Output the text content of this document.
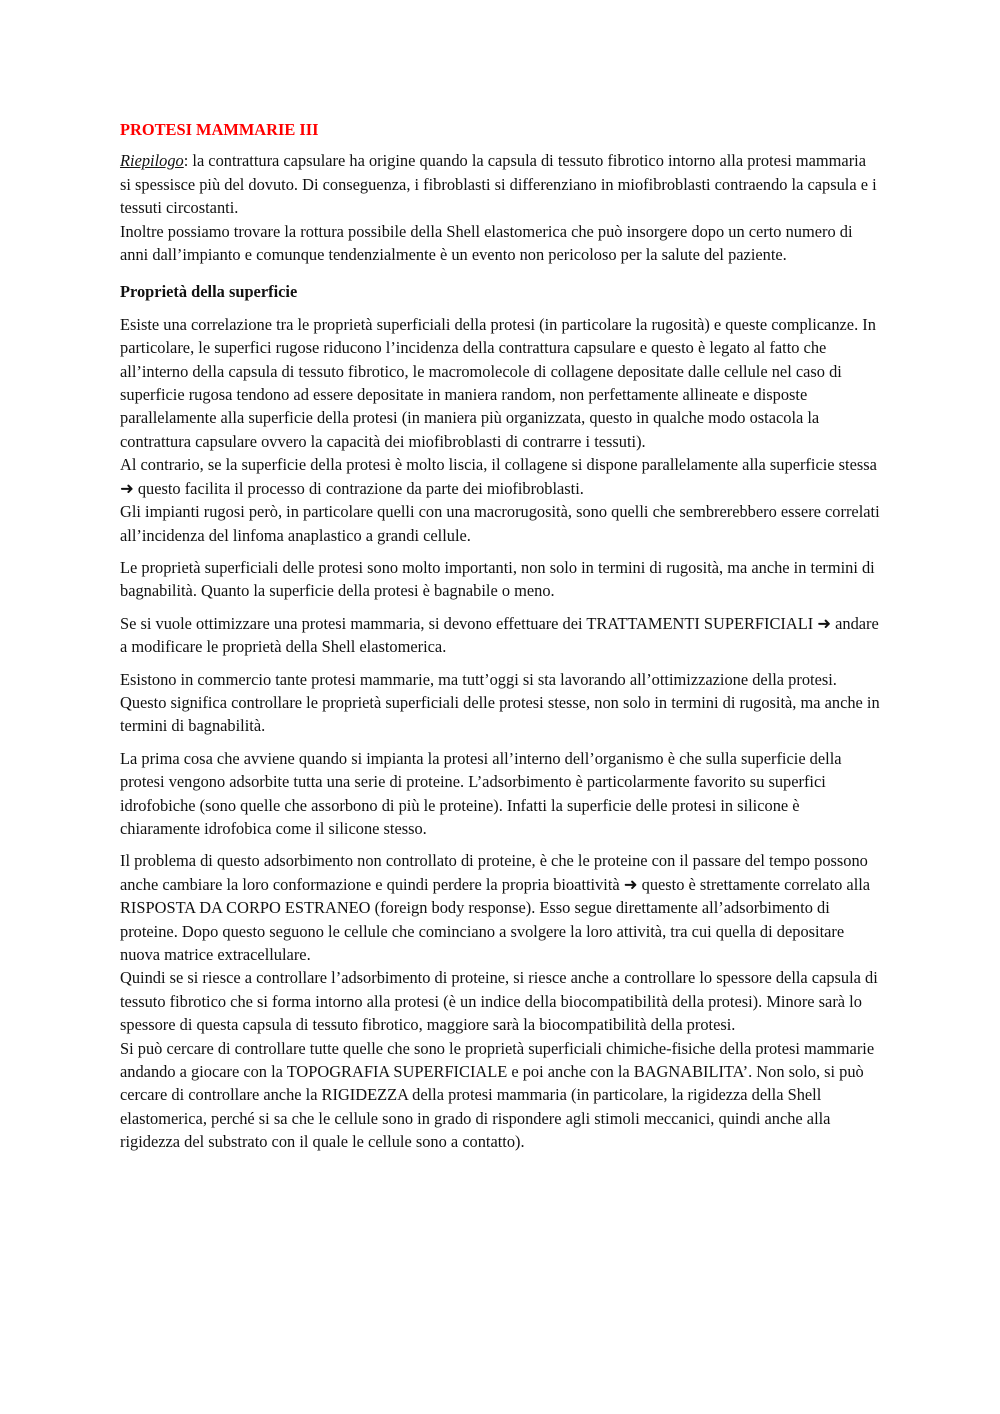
PROTESI MAMMARIE III
Riepilogo: la contrattura capsulare ha origine quando la capsula di tessuto fibrotico intorno alla protesi mammaria si spessisce più del dovuto. Di conseguenza, i fibroblasti si differenziano in miofibroblasti contraendo la capsula e i tessuti circostanti.

Inoltre possiamo trovare la rottura possibile della Shell elastomerica che può insorgere dopo un certo numero di anni dall’impianto e comunque tendenzialmente è un evento non pericoloso per la salute del paziente.

Proprietà della superficie
Esiste una correlazione tra le proprietà superficiali della protesi (in particolare la rugosità) e queste complicanze. In particolare, le superfici rugose riducono l’incidenza della contrattura capsulare e questo è legato al fatto che all’interno della capsula di tessuto fibrotico, le macromolecole di collagene depositate dalle cellule nel caso di superficie rugosa tendono ad essere depositate in maniera random, non perfettamente allineate e disposte parallelamente alla superficie della protesi (in maniera più organizzata, questo in qualche modo ostacola la contrattura capsulare ovvero la capacità dei miofibroblasti di contrarre i tessuti).
Al contrario, se la superficie della protesi è molto liscia, il collagene si dispone parallelamente alla superficie stessa ➜ questo facilita il processo di contrazione da parte dei miofibroblasti.

Gli impianti rugosi però, in particolare quelli con una macrorugosità, sono quelli che sembrerebbero essere correlati all’incidenza del linfoma anaplastico a grandi cellule.

Le proprietà superficiali delle protesi sono molto importanti, non solo in termini di rugosità, ma anche in termini di bagnabilità. Quanto la superficie della protesi è bagnabile o meno.

Se si vuole ottimizzare una protesi mammaria, si devono effettuare dei TRATTAMENTI SUPERFICIALI ➜ andare a modificare le proprietà della Shell elastomerica.

Esistono in commercio tante protesi mammarie, ma tutt’oggi si sta lavorando all’ottimizzazione della protesi. Questo significa controllare le proprietà superficiali delle protesi stesse, non solo in termini di rugosità, ma anche in termini di bagnabilità.

La prima cosa che avviene quando si impianta la protesi all’interno dell’organismo è che sulla superficie della protesi vengono adsorbite tutta una serie di proteine. L’adsorbimento è particolarmente favorito su superfici idrofobiche (sono quelle che assorbono di più le proteine). Infatti la superficie delle protesi in silicone è chiaramente idrofobica come il silicone stesso.

Il problema di questo adsorbimento non controllato di proteine, è che le proteine con il passare del tempo possono anche cambiare la loro conformazione e quindi perdere la propria bioattività ➜ questo è strettamente correlato alla RISPOSTA DA CORPO ESTRANEO (foreign body response). Esso segue direttamente all’adsorbimento di proteine. Dopo questo seguono le cellule che cominciano a svolgere la loro attività, tra cui quella di depositare nuova matrice extracellulare.
Quindi se si riesce a controllare l’adsorbimento di proteine, si riesce anche a controllare lo spessore della capsula di tessuto fibrotico che si forma intorno alla protesi (è un indice della biocompatibilità della protesi). Minore sarà lo spessore di questa capsula di tessuto fibrotico, maggiore sarà la biocompatibilità della protesi.
Si può cercare di controllare tutte quelle che sono le proprietà superficiali chimiche-fisiche della protesi mammarie andando a giocare con la TOPOGRAFIA SUPERFICIALE e poi anche con la BAGNABILITA’. Non solo, si può cercare di controllare anche la RIGIDEZZA della protesi mammaria (in particolare, la rigidezza della Shell elastomerica, perché si sa che le cellule sono in grado di rispondere agli stimoli meccanici, quindi anche alla rigidezza del substrato con il quale le cellule sono a contatto).
